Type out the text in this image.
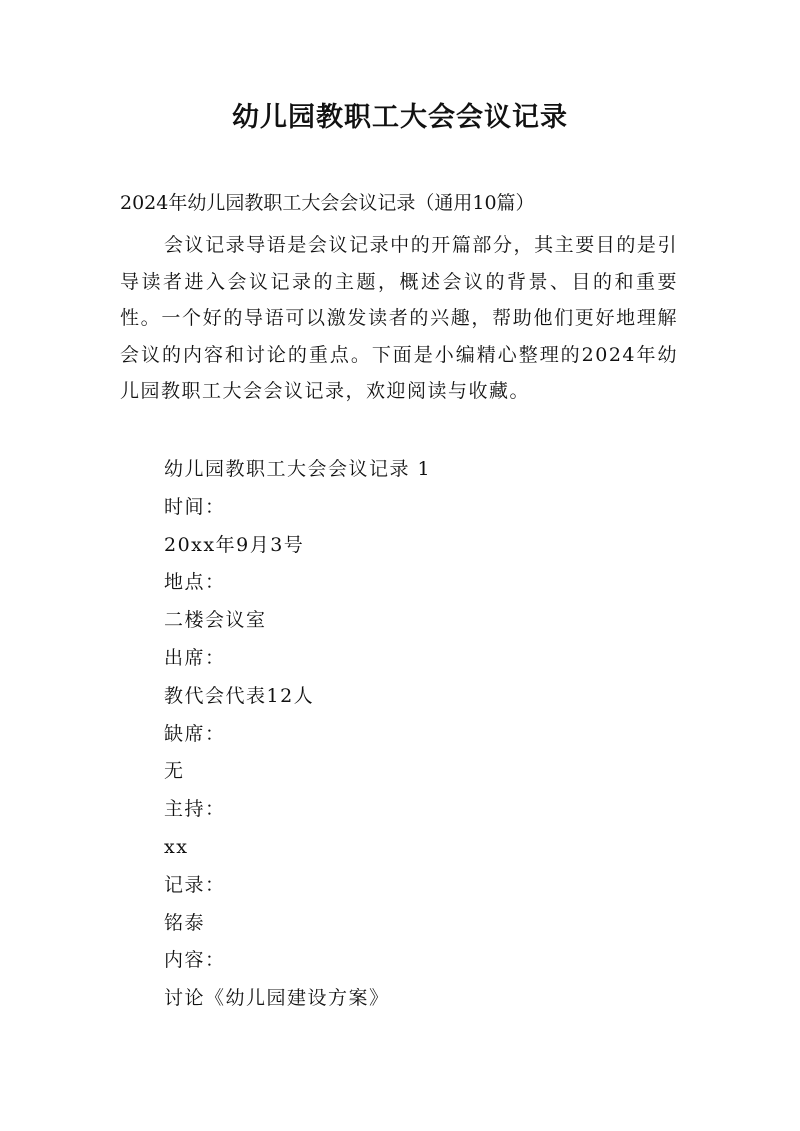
幼儿园教职工大会会议记录
2024年幼儿园教职工大会会议记录（通用10篇）
会议记录导语是会议记录中的开篇部分，其主要目的是引导读者进入会议记录的主题，概述会议的背景、目的和重要性。一个好的导语可以激发读者的兴趣，帮助他们更好地理解会议的内容和讨论的重点。下面是小编精心整理的2024年幼儿园教职工大会会议记录，欢迎阅读与收藏。
幼儿园教职工大会会议记录 1
时间：
20xx年9月3号
地点：
二楼会议室
出席：
教代会代表12人
缺席：
无
主持：
xx
记录：
铭泰
内容：
讨论《幼儿园建设方案》
